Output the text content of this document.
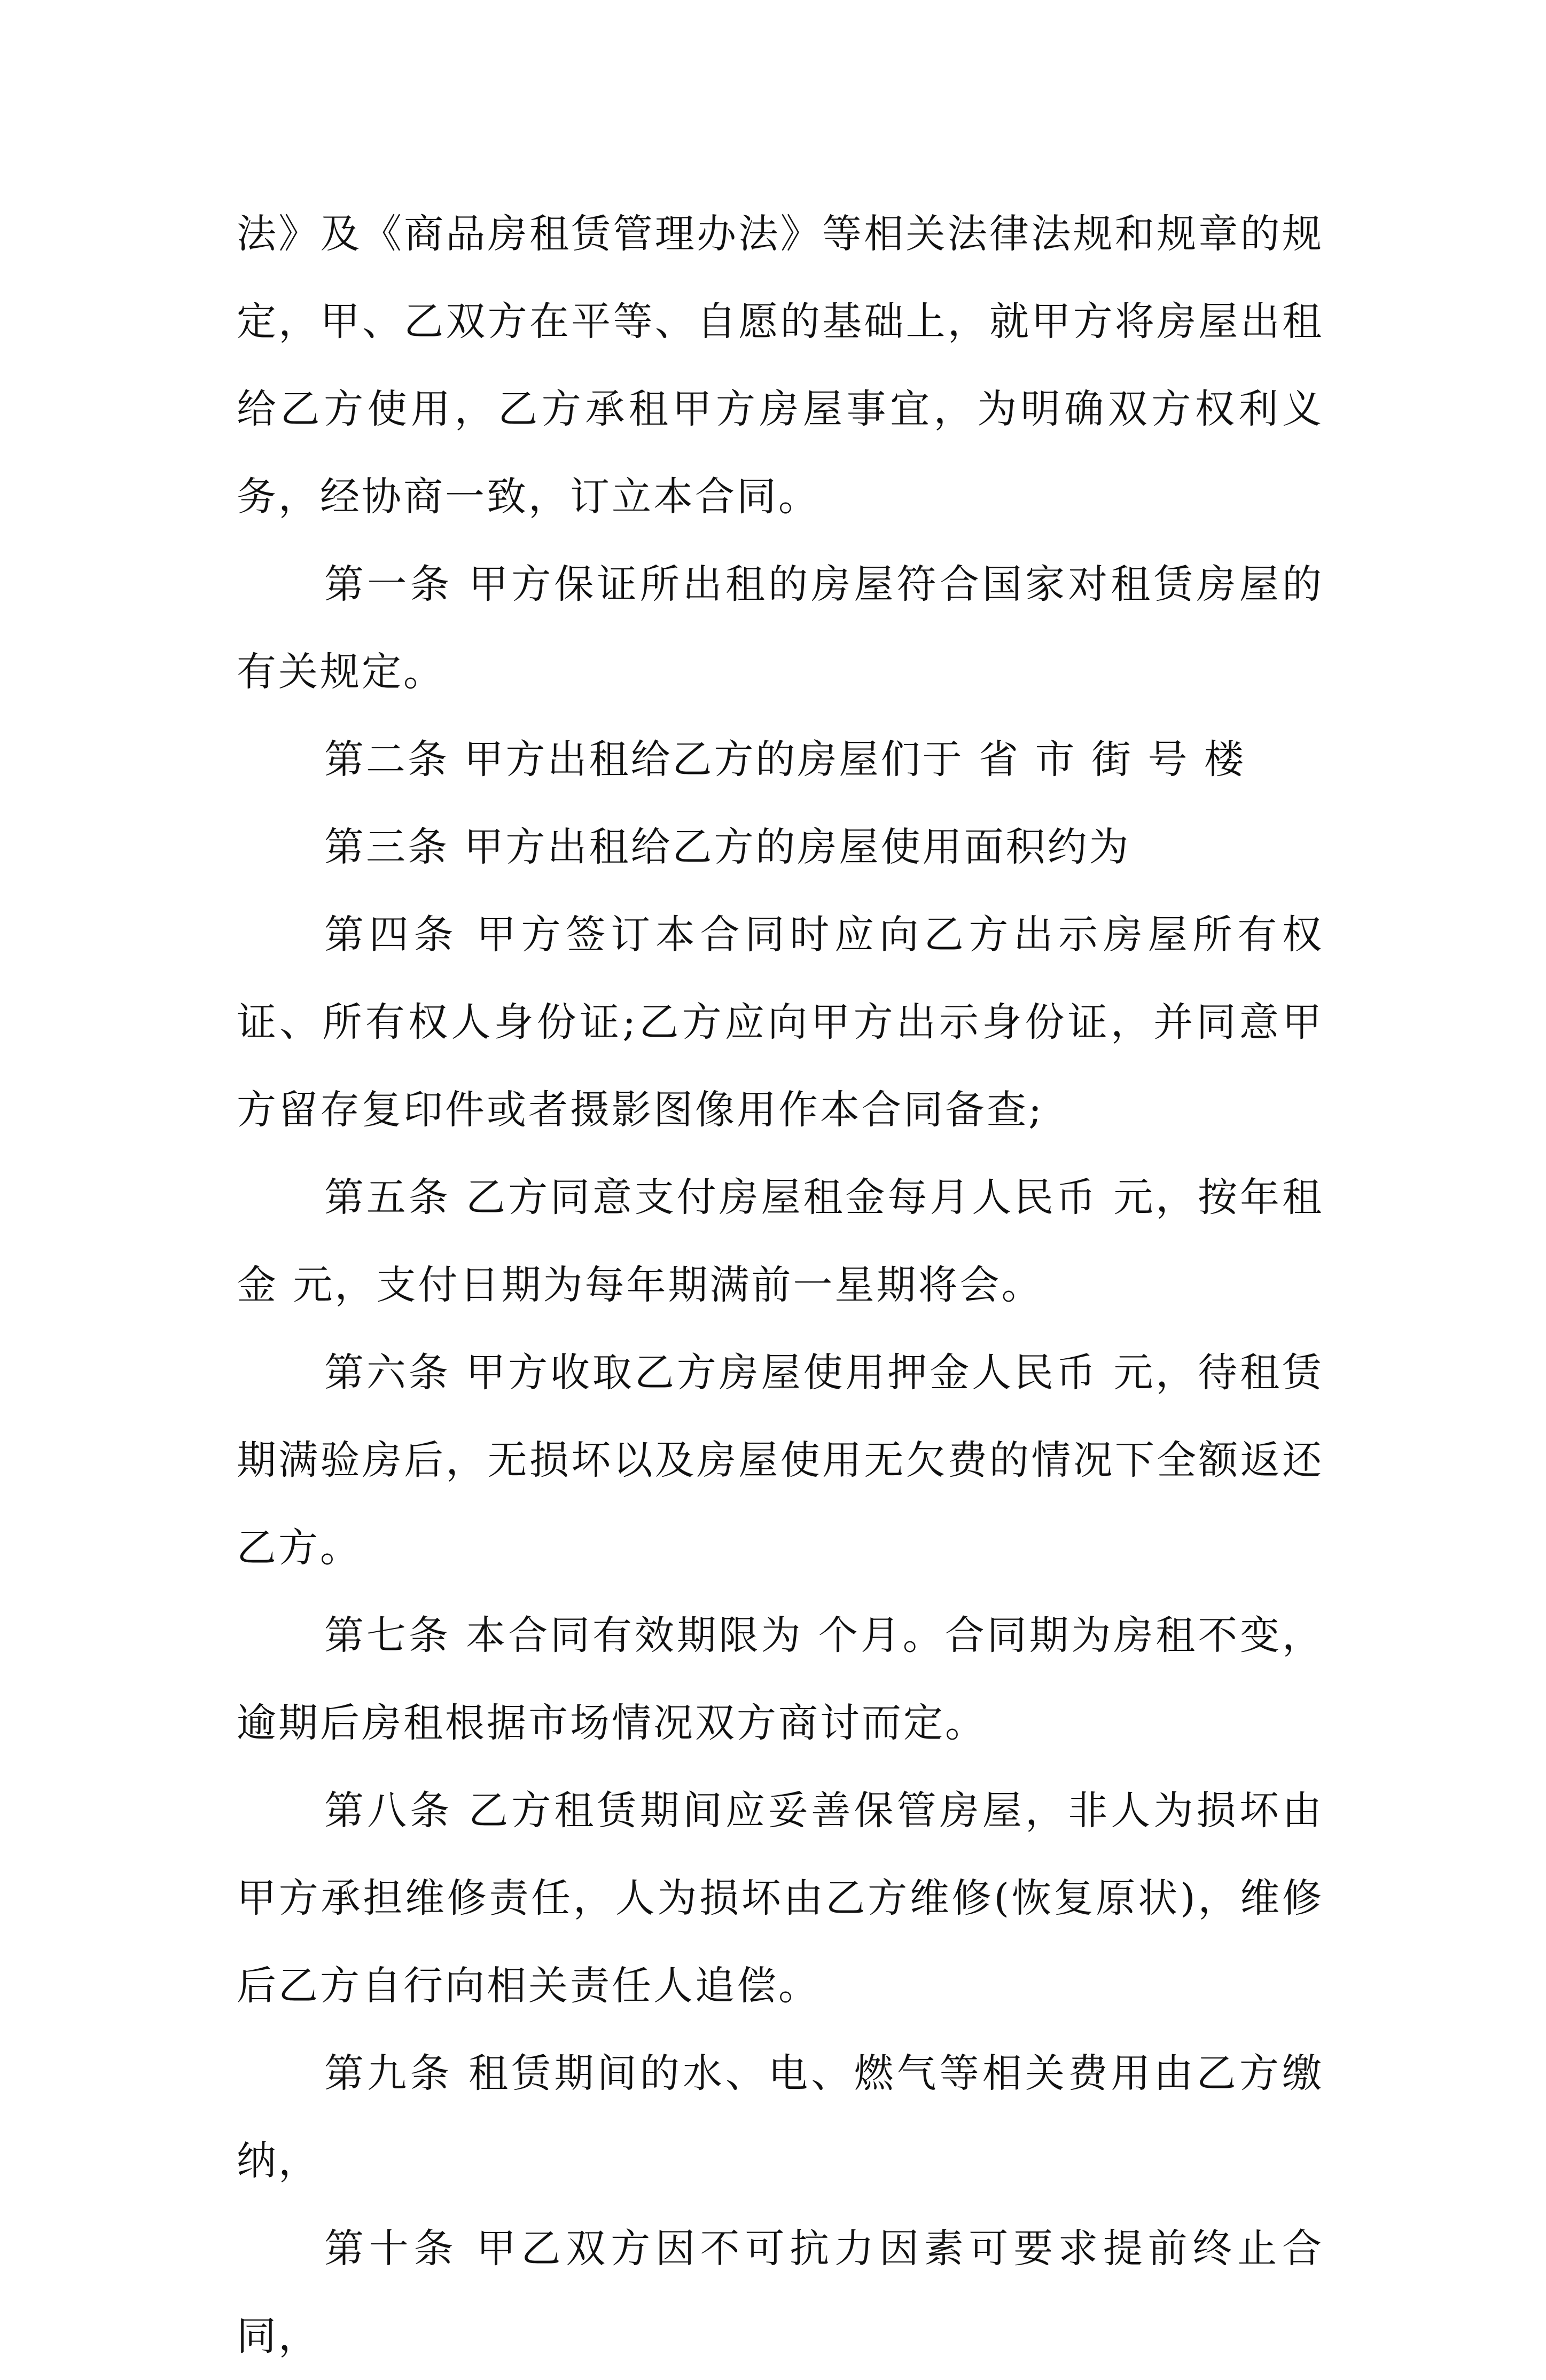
法》及《商品房租赁管理办法》等相关法律法规和规章的规定，甲、乙双方在平等、自愿的基础上，就甲方将房屋出租给乙方使用，乙方承租甲方房屋事宜，为明确双方权利义务，经协商一致，订立本合同。

第一条 甲方保证所出租的房屋符合国家对租赁房屋的有关规定。

第二条 甲方出租给乙方的房屋们于 省 市 街 号 楼

第三条 甲方出租给乙方的房屋使用面积约为

第四条 甲方签订本合同时应向乙方出示房屋所有权证、所有权人身份证;乙方应向甲方出示身份证，并同意甲方留存复印件或者摄影图像用作本合同备查;

第五条 乙方同意支付房屋租金每月人民币 元，按年租金 元，支付日期为每年期满前一星期将会。

第六条 甲方收取乙方房屋使用押金人民币 元，待租赁期满验房后，无损坏以及房屋使用无欠费的情况下全额返还乙方。

第七条 本合同有效期限为 个月。合同期为房租不变，逾期后房租根据市场情况双方商讨而定。

第八条 乙方租赁期间应妥善保管房屋，非人为损坏由甲方承担维修责任，人为损坏由乙方维修(恢复原状)，维修后乙方自行向相关责任人追偿。

第九条 租赁期间的水、电、燃气等相关费用由乙方缴纳，

第十条 甲乙双方因不可抗力因素可要求提前终止合同，
